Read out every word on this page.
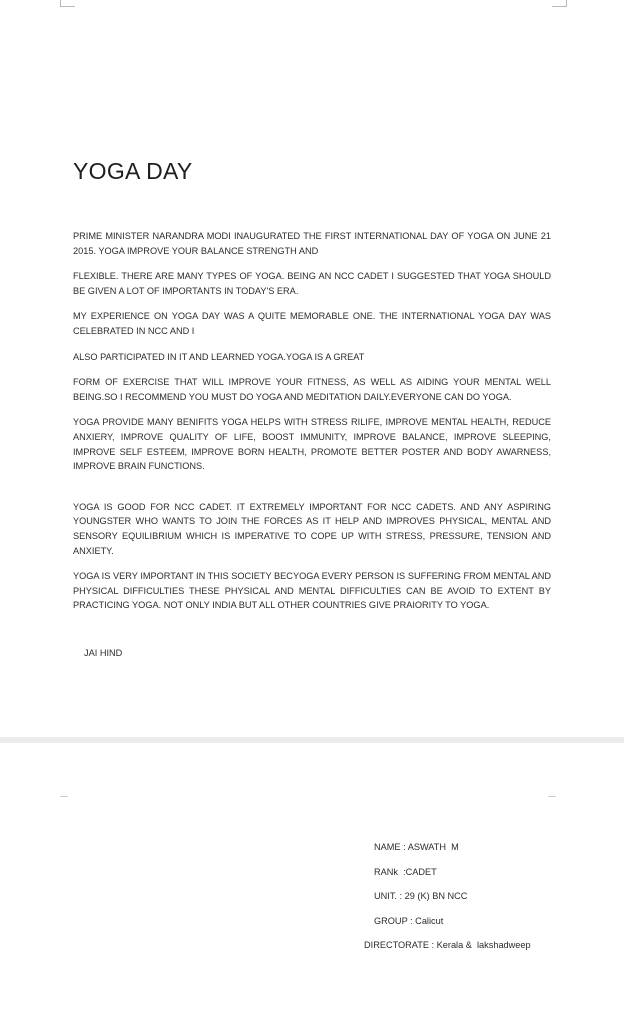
YOGA DAY

PRIME MINISTER NARANDRA MODI INAUGURATED THE FIRST INTERNATIONAL DAY OF YOGA ON JUNE 21 2015. YOGA IMPROVE YOUR BALANCE STRENGTH AND

FLEXIBLE. THERE ARE MANY TYPES OF YOGA. BEING AN NCC CADET I SUGGESTED THAT YOGA SHOULD BE GIVEN A LOT OF IMPORTANTS IN TODAY'S ERA.

MY EXPERIENCE ON YOGA DAY WAS A QUITE MEMORABLE ONE. THE INTERNATIONAL YOGA DAY WAS CELEBRATED IN NCC AND I

ALSO PARTICIPATED IN IT AND LEARNED YOGA.YOGA IS A GREAT

FORM OF EXERCISE THAT WILL IMPROVE YOUR FITNESS, AS WELL AS AIDING YOUR MENTAL WELL BEING.SO I RECOMMEND YOU MUST DO YOGA AND MEDITATION DAILY.EVERYONE CAN DO YOGA.

YOGA PROVIDE MANY BENIFITS YOGA HELPS WITH STRESS RILIFE, IMPROVE MENTAL HEALTH, REDUCE ANXIERY, IMPROVE QUALITY OF LIFE, BOOST IMMUNITY, IMPROVE BALANCE, IMPROVE SLEEPING, IMPROVE SELF ESTEEM, IMPROVE BORN HEALTH, PROMOTE BETTER POSTER AND BODY AWARNESS, IMPROVE BRAIN FUNCTIONS.

YOGA IS GOOD FOR NCC CADET. IT EXTREMELY IMPORTANT FOR NCC CADETS. AND ANY ASPIRING YOUNGSTER WHO WANTS TO JOIN THE FORCES AS IT HELP AND IMPROVES PHYSICAL, MENTAL AND SENSORY EQUILIBRIUM WHICH IS IMPERATIVE TO COPE UP WITH STRESS, PRESSURE, TENSION AND ANXIETY.

YOGA IS VERY IMPORTANT IN THIS SOCIETY BECYOGA EVERY PERSON IS SUFFERING FROM MENTAL AND PHYSICAL DIFFICULTIES THESE PHYSICAL AND MENTAL DIFFICULTIES CAN BE AVOID TO EXTENT BY PRACTICING YOGA. NOT ONLY INDIA BUT ALL OTHER COUNTRIES GIVE PRAIORITY TO YOGA.

JAI HIND
NAME : ASWATH  M
RANk  :CADET
UNIT. : 29 (K) BN NCC
GROUP : Calicut
DIRECTORATE : Kerala &  lakshadweep
